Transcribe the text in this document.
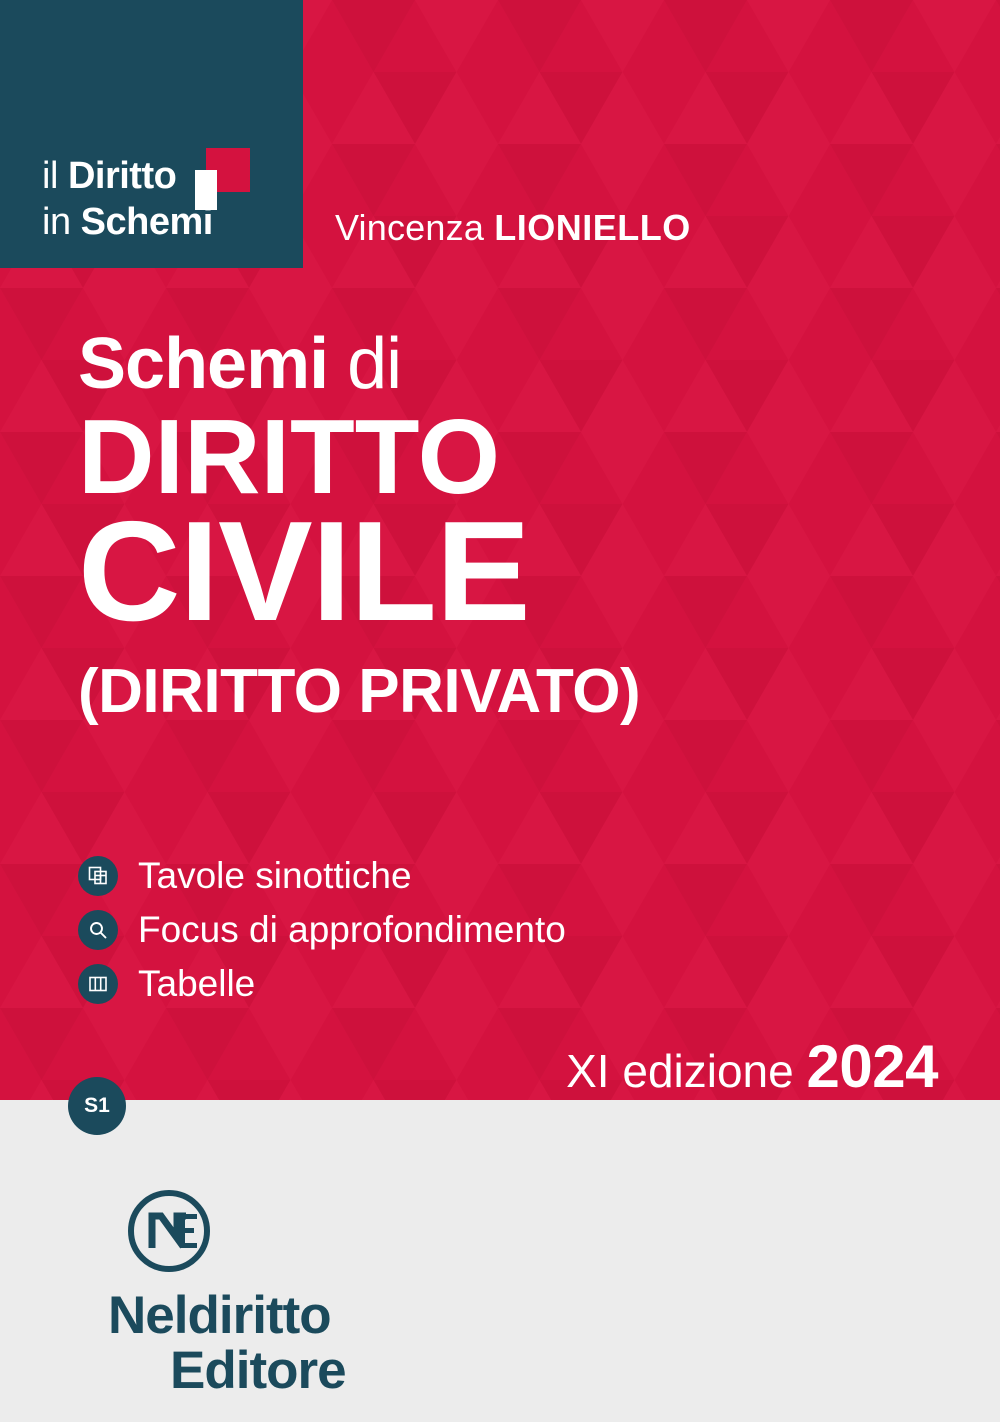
il Diritto
in Schemi	Vincenza LIONIELLO
Schemi di
DIRITTO
CIVILE
(DIRITTO PRIVATO)
Tavole sinottiche
Focus di approfondimento
Tabelle
XI edizione 2024
S1
Neldiritto
Editore
